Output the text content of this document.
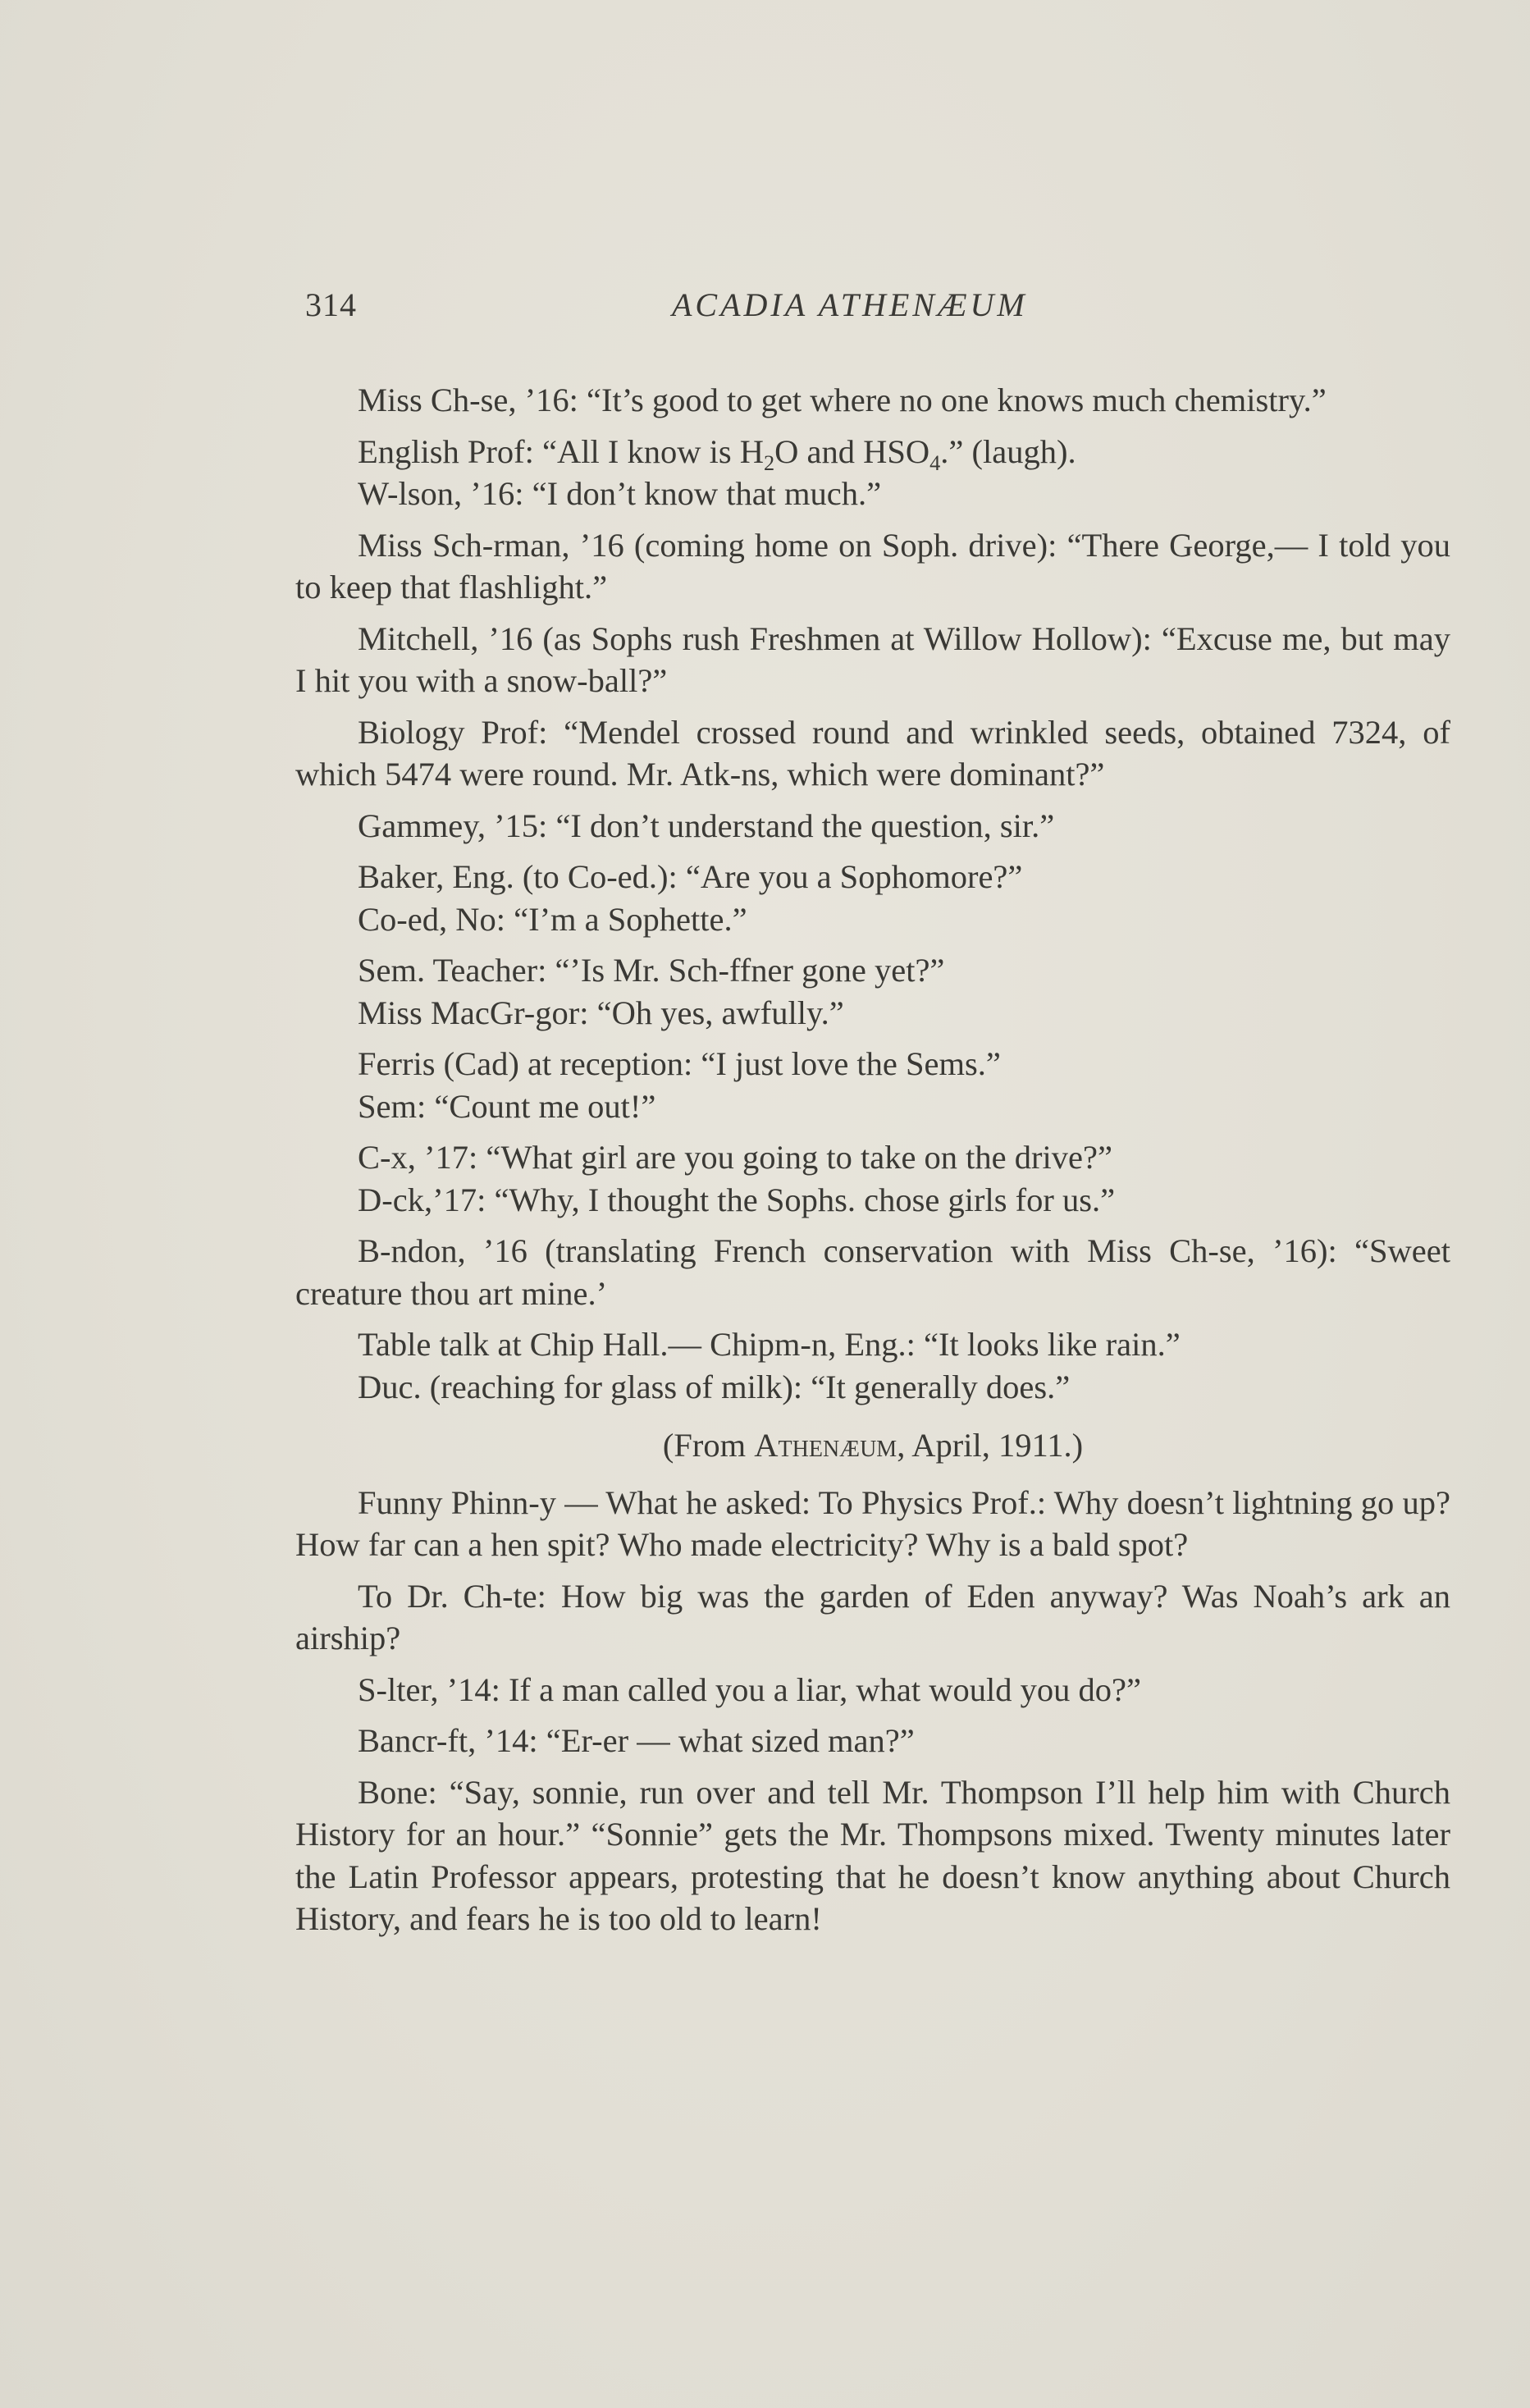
314	ACADIA ATHENÆUM

Miss Ch-se, ’16: “It’s good to get where no one knows much chemistry.”

English Prof: “All I know is $H_2O$ and $HSO_4$.” (laugh).

W-lson, ’16: “I don’t know that much.”

Miss Sch-rman, ’16 (coming home on Soph. drive): “There George,— I told you to keep that flashlight.”

Mitchell, ’16 (as Sophs rush Freshmen at Willow Hollow): “Excuse me, but may I hit you with a snow-ball?”

Biology Prof: “Mendel crossed round and wrinkled seeds, obtained 7324, of which 5474 were round. Mr. Atk-ns, which were dominant?”

Gammey, ’15: “I don’t understand the question, sir.”

Baker, Eng. (to Co-ed.): “Are you a Sophomore?”

Co-ed, No: “I’m a Sophette.”

Sem. Teacher: “’Is Mr. Sch-ffner gone yet?”

Miss MacGr-gor: “Oh yes, awfully.”

Ferris (Cad) at reception: “I just love the Sems.”

Sem: “Count me out!”

C-x, ’17: “What girl are you going to take on the drive?”

D-ck,’17: “Why, I thought the Sophs. chose girls for us.”

B-ndon, ’16 (translating French conservation with Miss Ch-se, ’16): “Sweet creature thou art mine.’

Table talk at Chip Hall.— Chipm-n, Eng.: “It looks like rain.”

Duc. (reaching for glass of milk): “It generally does.”

(From Athenæum, April, 1911.)

Funny Phinn-y — What he asked: To Physics Prof.: Why doesn’t lightning go up? How far can a hen spit? Who made electricity? Why is a bald spot?

To Dr. Ch-te: How big was the garden of Eden anyway? Was Noah’s ark an airship?

S-lter, ’14: If a man called you a liar, what would you do?”

Bancr-ft, ’14: “Er-er — what sized man?”

Bone: “Say, sonnie, run over and tell Mr. Thompson I’ll help him with Church History for an hour.” “Sonnie” gets the Mr. Thompsons mixed. Twenty minutes later the Latin Professor appears, protesting that he doesn’t know anything about Church History, and fears he is too old to learn!
